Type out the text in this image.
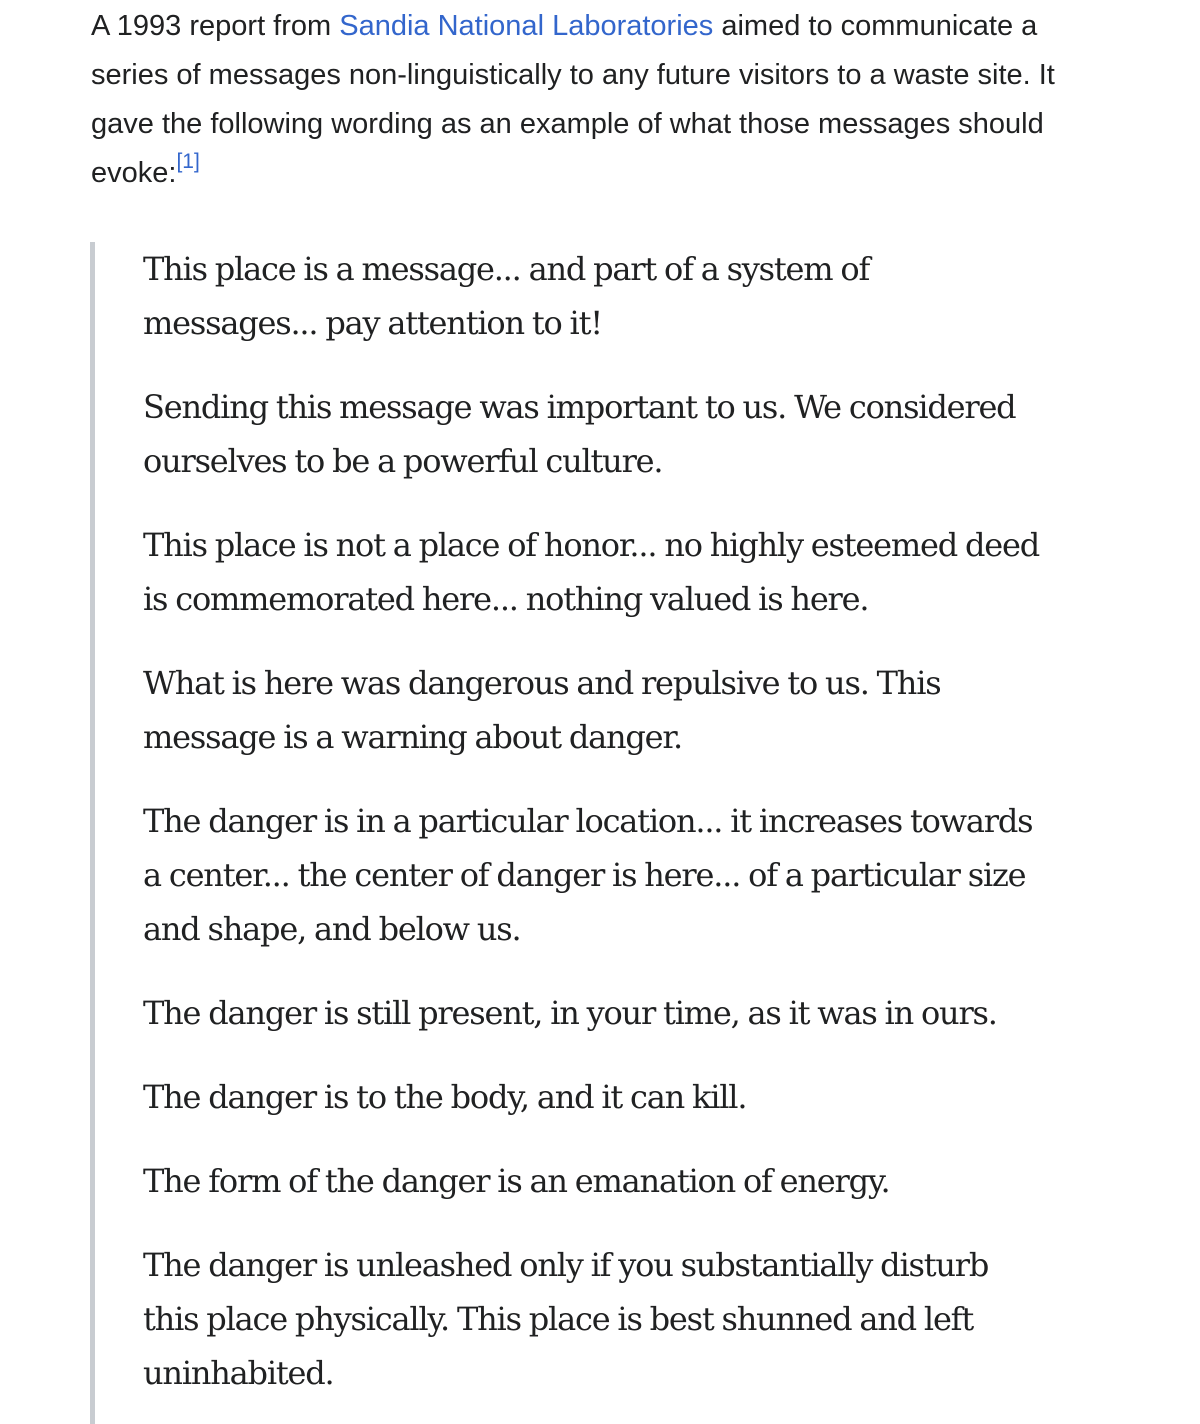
A 1993 report from Sandia National Laboratories aimed to communicate a series of messages non-linguistically to any future visitors to a waste site. It gave the following wording as an example of what those messages should evoke:[1]

This place is a message... and part of a system of messages... pay attention to it!

Sending this message was important to us. We considered ourselves to be a powerful culture.

This place is not a place of honor... no highly esteemed deed is commemorated here... nothing valued is here.

What is here was dangerous and repulsive to us. This message is a warning about danger.

The danger is in a particular location... it increases towards a center... the center of danger is here... of a particular size and shape, and below us.

The danger is still present, in your time, as it was in ours.

The danger is to the body, and it can kill.

The form of the danger is an emanation of energy.

The danger is unleashed only if you substantially disturb this place physically. This place is best shunned and left uninhabited.
